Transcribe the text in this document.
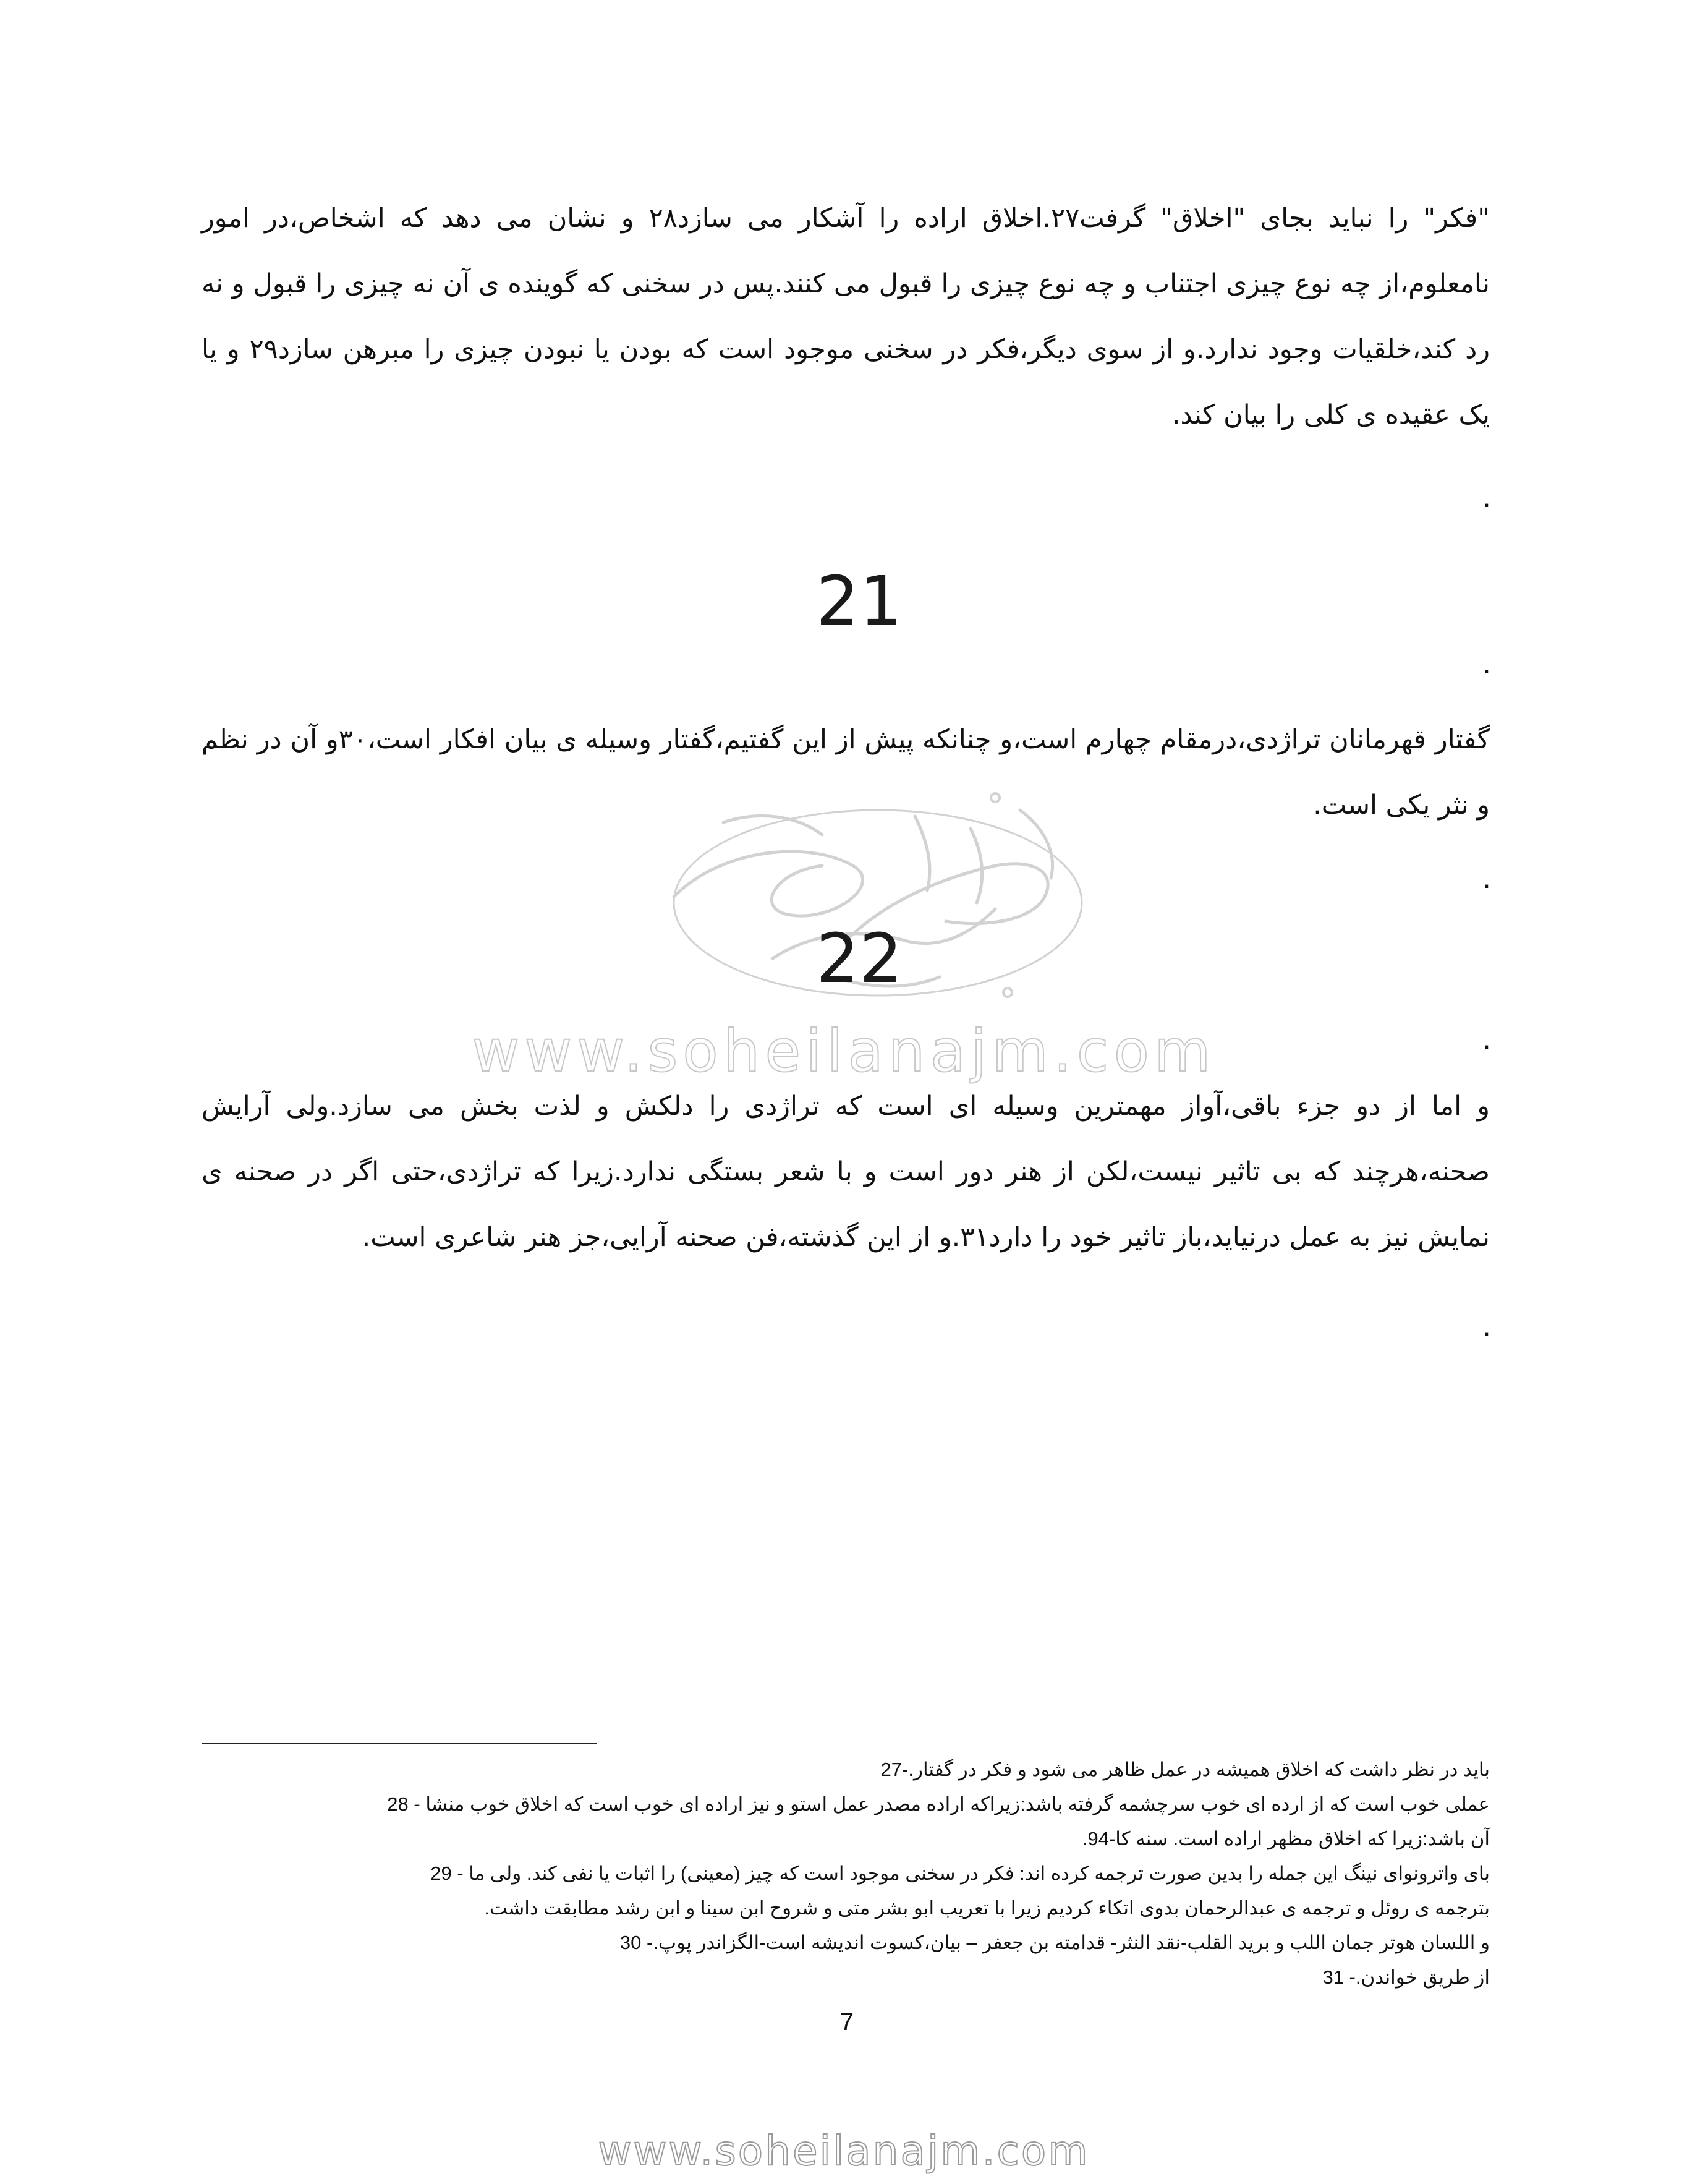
"فکر" را نباید بجای "اخلاق" گرفت۲۷.اخلاق اراده را آشکار می سازد۲۸ و نشان می دهد که اشخاص،در امور نامعلوم،از چه نوع چیزی اجتناب و چه نوع چیزی را قبول می کنند.پس در سخنی که گوینده ی آن نه چیزی را قبول و نه رد کند،خلقیات وجود ندارد.و از سوی دیگر،فکر در سخنی موجود است که بودن یا نبودن چیزی را مبرهن سازد۲۹ و یا یک عقیده ی کلی را بیان کند.
.
21
.
گفتار قهرمانان تراژدی،درمقام چهارم است،و چنانکه پیش از این گفتیم،گفتار وسیله ی بیان افکار است،۳۰و آن در نظم و نثر یکی است.
.
22
www.soheilanajm.com	.
و اما از دو جزء باقی،آواز مهمترین وسیله ای است که تراژدی را دلکش و لذت بخش می سازد.ولی آرایش صحنه،هرچند که بی تاثیر نیست،لکن از هنر دور است و با شعر بستگی ندارد.زیرا که تراژدی،حتی اگر در صحنه ی نمایش نیز به عمل درنیاید،باز تاثیر خود را دارد۳۱.و از این گذشته،فن صحنه آرایی،جز هنر شاعری است.
.
باید در نظر داشت که اخلاق همیشه در عمل ظاهر می شود و فکر در گفتار.-27
عملی خوب است که از ارده ای خوب سرچشمه گرفته باشد:زیراکه اراده مصدر عمل استو و نیز اراده ای خوب است که اخلاق خوب منشا - 28
آن باشد:زیرا که اخلاق مظهر اراده است. سنه کا-94.
بای واترونوای نینگ این جمله را بدین صورت ترجمه کرده اند: فکر در سخنی موجود است که چیز (معینی) را اثبات یا نفی کند. ولی ما - 29
بترجمه ی روئل و ترجمه ی عبدالرحمان بدوی اتکاء کردیم زیرا با تعریب ابو بشر متی و شروح ابن سینا و ابن رشد مطابقت داشت.
و اللسان هوتر جمان اللب و برید القلب-نقد النثر- قدامته بن جعفر – بیان،کسوت اندیشه است-الگزاندر پوپ.- 30
از طریق خواندن.- 31
7
www.soheilanajm.com
